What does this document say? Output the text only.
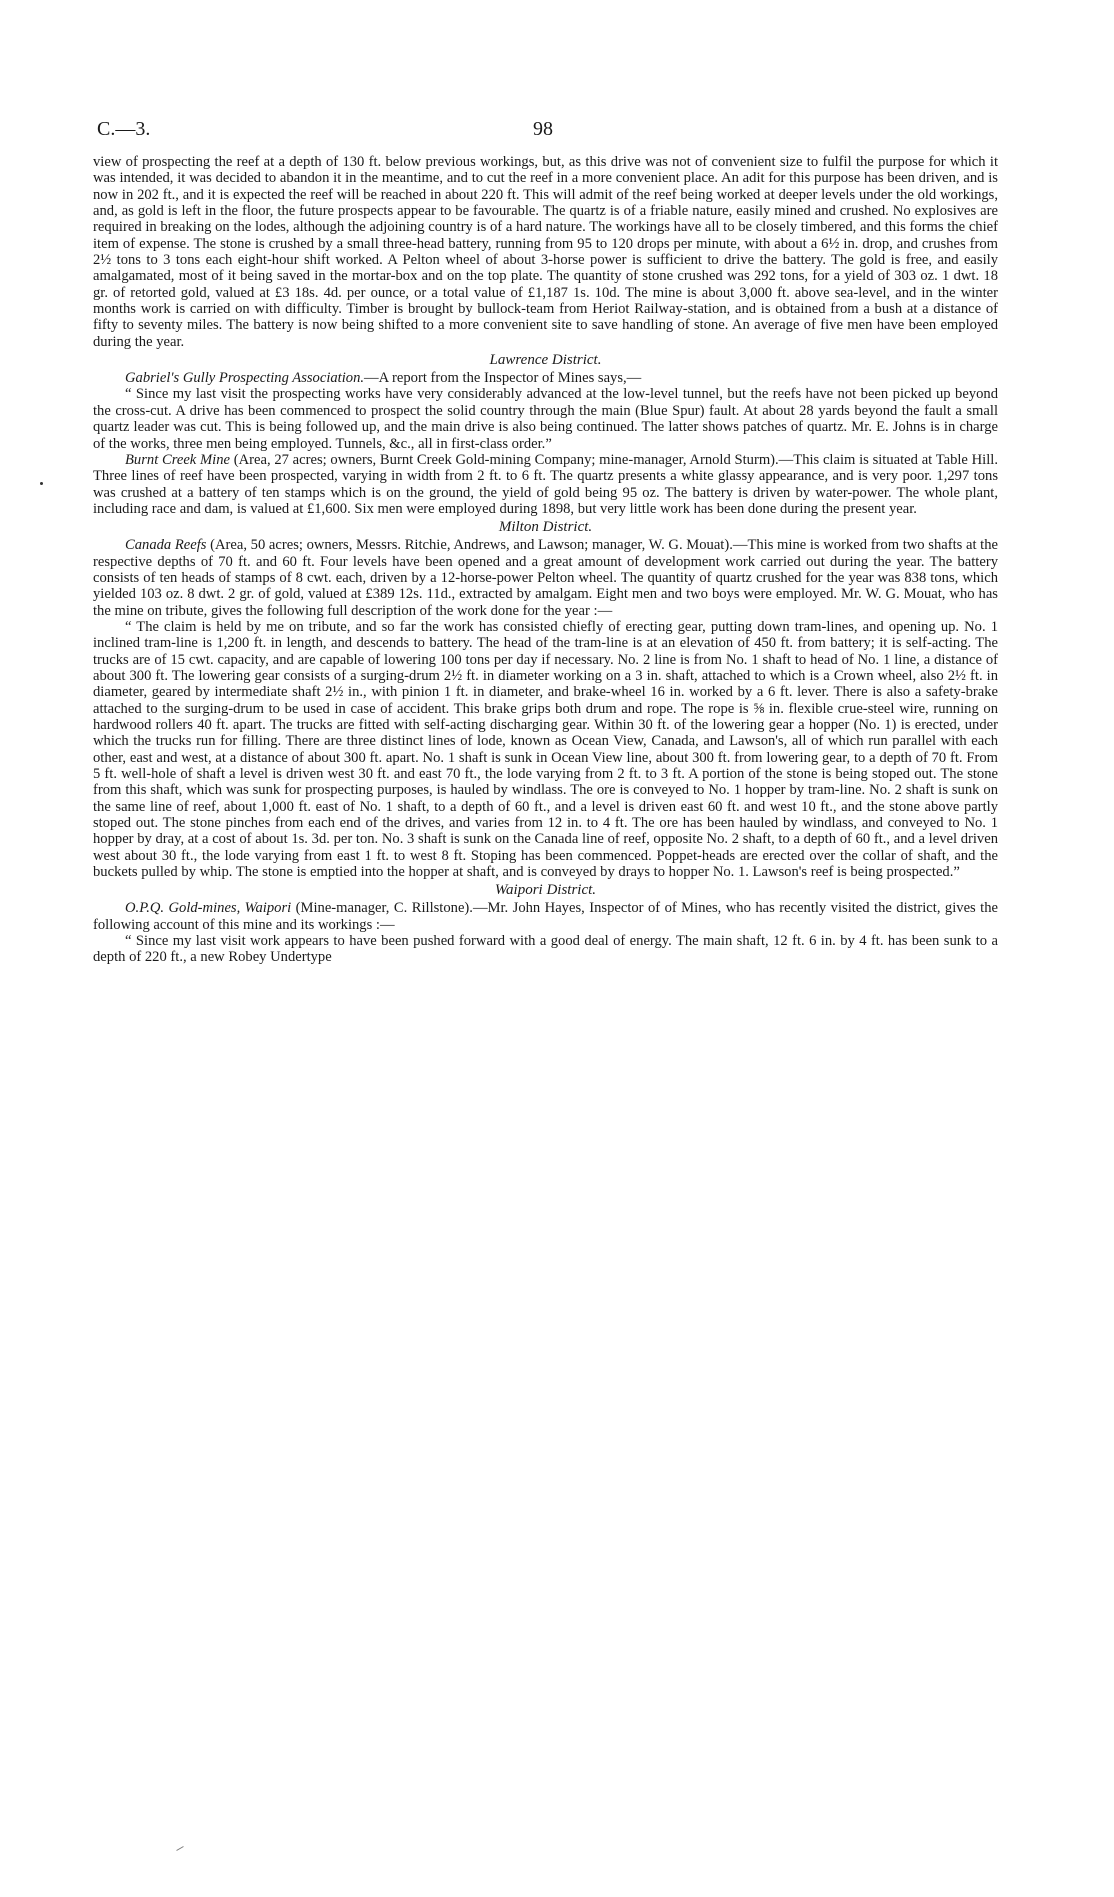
C.—3.	98

view of prospecting the reef at a depth of 130 ft. below previous workings, but, as this drive was not of convenient size to fulfil the purpose for which it was intended, it was decided to abandon it in the meantime, and to cut the reef in a more convenient place. An adit for this purpose has been driven, and is now in 202 ft., and it is expected the reef will be reached in about 220 ft. This will admit of the reef being worked at deeper levels under the old workings, and, as gold is left in the floor, the future prospects appear to be favourable. The quartz is of a friable nature, easily mined and crushed. No explosives are required in breaking on the lodes, although the adjoining country is of a hard nature. The workings have all to be closely timbered, and this forms the chief item of expense. The stone is crushed by a small three-head battery, running from 95 to 120 drops per minute, with about a 6½ in. drop, and crushes from 2½ tons to 3 tons each eight-hour shift worked. A Pelton wheel of about 3-horse power is sufficient to drive the battery. The gold is free, and easily amalgamated, most of it being saved in the mortar-box and on the top plate. The quantity of stone crushed was 292 tons, for a yield of 303 oz. 1 dwt. 18 gr. of retorted gold, valued at £3 18s. 4d. per ounce, or a total value of £1,187 1s. 10d. The mine is about 3,000 ft. above sea-level, and in the winter months work is carried on with difficulty. Timber is brought by bullock-team from Heriot Railway-station, and is obtained from a bush at a distance of fifty to seventy miles. The battery is now being shifted to a more convenient site to save handling of stone. An average of five men have been employed during the year.

Lawrence District.

Gabriel's Gully Prospecting Association.—A report from the Inspector of Mines says,—

“ Since my last visit the prospecting works have very considerably advanced at the low-level tunnel, but the reefs have not been picked up beyond the cross-cut. A drive has been commenced to prospect the solid country through the main (Blue Spur) fault. At about 28 yards beyond the fault a small quartz leader was cut. This is being followed up, and the main drive is also being continued. The latter shows patches of quartz. Mr. E. Johns is in charge of the works, three men being employed. Tunnels, &c., all in first-class order.”

Burnt Creek Mine (Area, 27 acres; owners, Burnt Creek Gold-mining Company; mine-manager, Arnold Sturm).—This claim is situated at Table Hill. Three lines of reef have been prospected, varying in width from 2 ft. to 6 ft. The quartz presents a white glassy appearance, and is very poor. 1,297 tons was crushed at a battery of ten stamps which is on the ground, the yield of gold being 95 oz. The battery is driven by water-power. The whole plant, including race and dam, is valued at £1,600. Six men were employed during 1898, but very little work has been done during the present year.

Milton District.

Canada Reefs (Area, 50 acres; owners, Messrs. Ritchie, Andrews, and Lawson; manager, W. G. Mouat).—This mine is worked from two shafts at the respective depths of 70 ft. and 60 ft. Four levels have been opened and a great amount of development work carried out during the year. The battery consists of ten heads of stamps of 8 cwt. each, driven by a 12-horse-power Pelton wheel. The quantity of quartz crushed for the year was 838 tons, which yielded 103 oz. 8 dwt. 2 gr. of gold, valued at £389 12s. 11d., extracted by amalgam. Eight men and two boys were employed. Mr. W. G. Mouat, who has the mine on tribute, gives the following full description of the work done for the year :—

“ The claim is held by me on tribute, and so far the work has consisted chiefly of erecting gear, putting down tram-lines, and opening up. No. 1 inclined tram-line is 1,200 ft. in length, and descends to battery. The head of the tram-line is at an elevation of 450 ft. from battery; it is self-acting. The trucks are of 15 cwt. capacity, and are capable of lowering 100 tons per day if necessary. No. 2 line is from No. 1 shaft to head of No. 1 line, a distance of about 300 ft. The lowering gear consists of a surging-drum 2½ ft. in diameter working on a 3 in. shaft, attached to which is a Crown wheel, also 2½ ft. in diameter, geared by intermediate shaft 2½ in., with pinion 1 ft. in diameter, and brake-wheel 16 in. worked by a 6 ft. lever. There is also a safety-brake attached to the surging-drum to be used in case of accident. This brake grips both drum and rope. The rope is ⅝ in. flexible crue-steel wire, running on hardwood rollers 40 ft. apart. The trucks are fitted with self-acting discharging gear. Within 30 ft. of the lowering gear a hopper (No. 1) is erected, under which the trucks run for filling. There are three distinct lines of lode, known as Ocean View, Canada, and Lawson's, all of which run parallel with each other, east and west, at a distance of about 300 ft. apart. No. 1 shaft is sunk in Ocean View line, about 300 ft. from lowering gear, to a depth of 70 ft. From 5 ft. well-hole of shaft a level is driven west 30 ft. and east 70 ft., the lode varying from 2 ft. to 3 ft. A portion of the stone is being stoped out. The stone from this shaft, which was sunk for prospecting purposes, is hauled by windlass. The ore is conveyed to No. 1 hopper by tram-line. No. 2 shaft is sunk on the same line of reef, about 1,000 ft. east of No. 1 shaft, to a depth of 60 ft., and a level is driven east 60 ft. and west 10 ft., and the stone above partly stoped out. The stone pinches from each end of the drives, and varies from 12 in. to 4 ft. The ore has been hauled by windlass, and conveyed to No. 1 hopper by dray, at a cost of about 1s. 3d. per ton. No. 3 shaft is sunk on the Canada line of reef, opposite No. 2 shaft, to a depth of 60 ft., and a level driven west about 30 ft., the lode varying from east 1 ft. to west 8 ft. Stoping has been commenced. Poppet-heads are erected over the collar of shaft, and the buckets pulled by whip. The stone is emptied into the hopper at shaft, and is conveyed by drays to hopper No. 1. Lawson's reef is being prospected.”

Waipori District.

O.P.Q. Gold-mines, Waipori (Mine-manager, C. Rillstone).—Mr. John Hayes, Inspector of of Mines, who has recently visited the district, gives the following account of this mine and its workings :—

“ Since my last visit work appears to have been pushed forward with a good deal of energy. The main shaft, 12 ft. 6 in. by 4 ft. has been sunk to a depth of 220 ft., a new Robey Undertype
